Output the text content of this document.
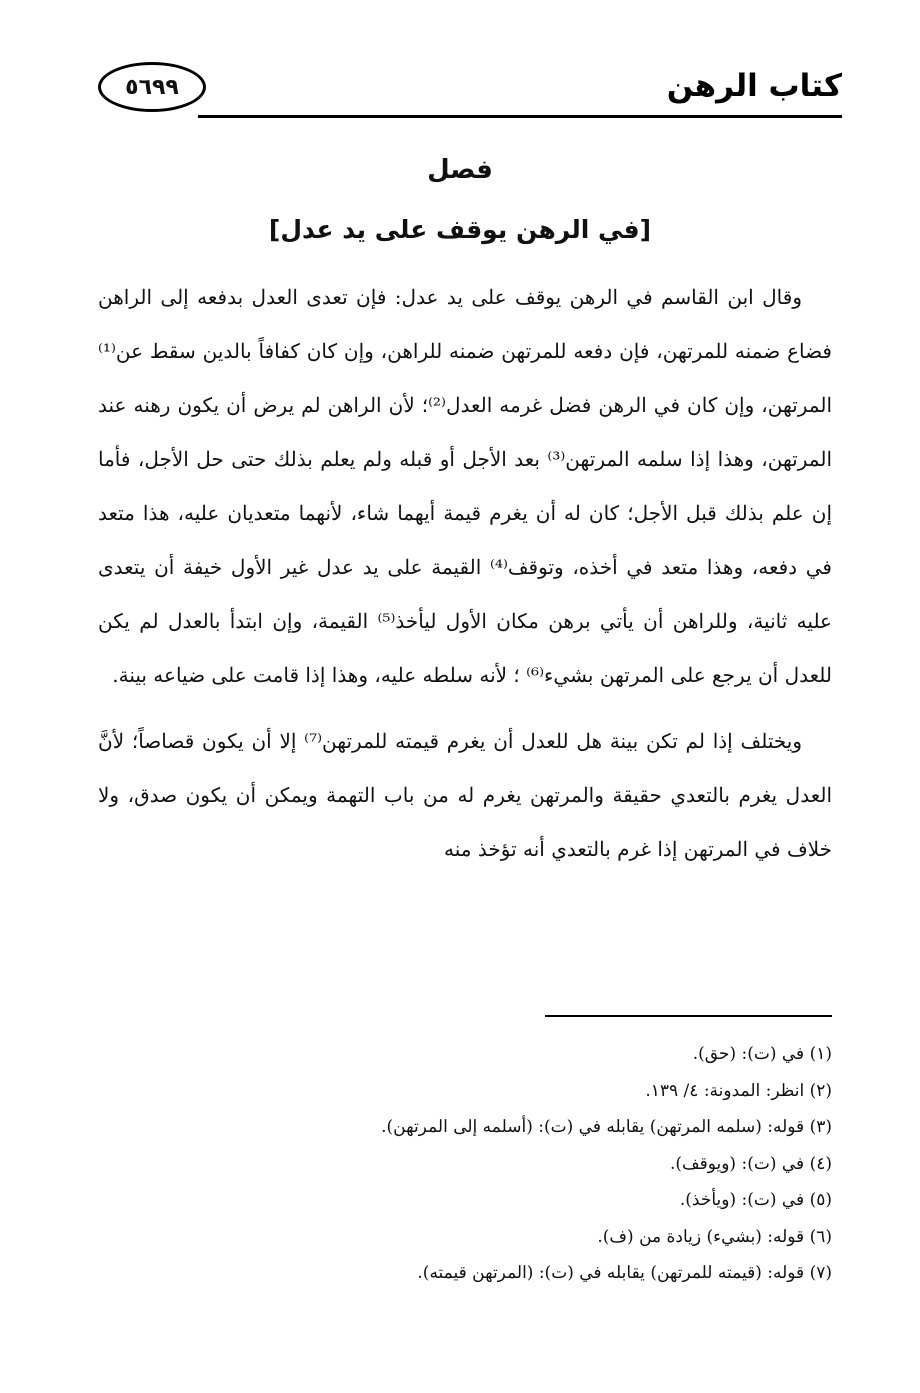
كتاب الرهن
٥٦٩٩
فصل
[في الرهن يوقف على يد عدل]

وقال ابن القاسم في الرهن يوقف على يد عدل: فإن تعدى العدل بدفعه إلى الراهن فضاع ضمنه للمرتهن، فإن دفعه للمرتهن ضمنه للراهن، وإن كان كفافاً بالدين سقط عن⁽¹⁾ المرتهن، وإن كان في الرهن فضل غرمه العدل⁽²⁾؛ لأن الراهن لم يرض أن يكون رهنه عند المرتهن، وهذا إذا سلمه المرتهن⁽³⁾ بعد الأجل أو قبله ولم يعلم بذلك حتى حل الأجل، فأما إن علم بذلك قبل الأجل؛ كان له أن يغرم قيمة أيهما شاء، لأنهما متعديان عليه، هذا متعد في دفعه، وهذا متعد في أخذه، وتوقف⁽⁴⁾ القيمة على يد عدل غير الأول خيفة أن يتعدى عليه ثانية، وللراهن أن يأتي برهن مكان الأول ليأخذ⁽⁵⁾ القيمة، وإن ابتدأ بالعدل لم يكن للعدل أن يرجع على المرتهن بشيء⁽⁶⁾ ؛ لأنه سلطه عليه، وهذا إذا قامت على ضياعه بينة.

ويختلف إذا لم تكن بينة هل للعدل أن يغرم قيمته للمرتهن⁽⁷⁾ إلا أن يكون قصاصاً؛ لأنَّ العدل يغرم بالتعدي حقيقة والمرتهن يغرم له من باب التهمة ويمكن أن يكون صدق، ولا خلاف في المرتهن إذا غرم بالتعدي أنه تؤخذ منه

(١) في (ت): (حق).
(٢) انظر: المدونة: ٤/ ١٣٩.
(٣) قوله: (سلمه المرتهن) يقابله في (ت): (أسلمه إلى المرتهن).
(٤) في (ت): (ويوقف).
(٥) في (ت): (ويأخذ).
(٦) قوله: (بشيء) زيادة من (ف).
(٧) قوله: (قيمته للمرتهن) يقابله في (ت): (المرتهن قيمته).
